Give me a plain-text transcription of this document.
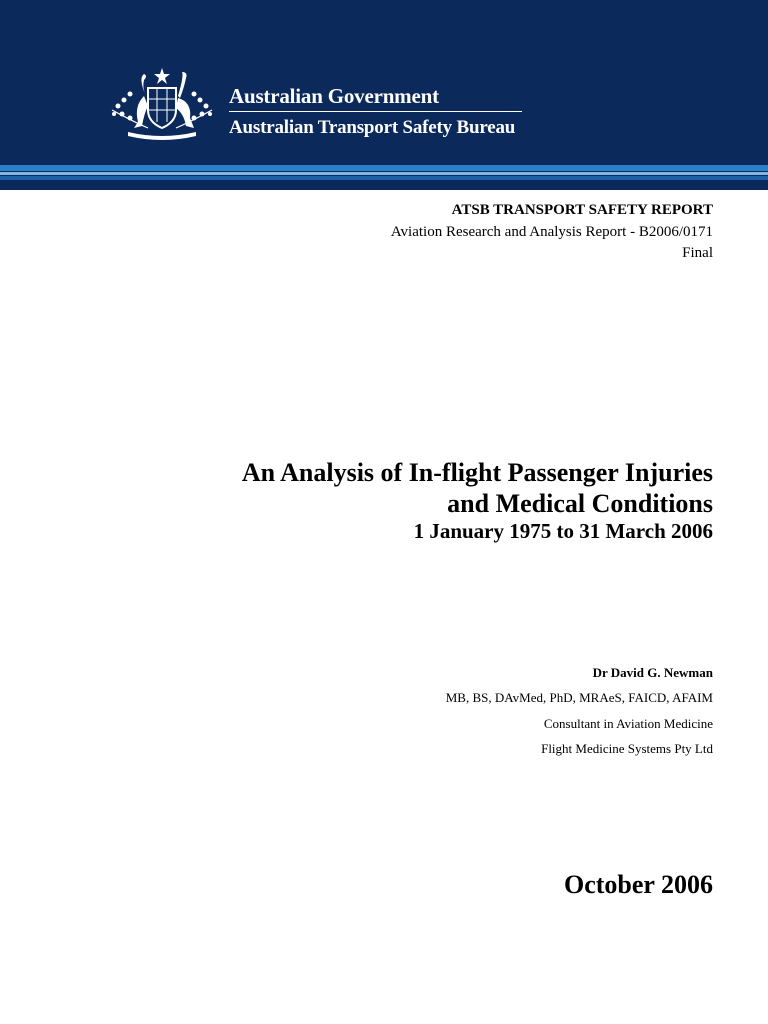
Australian Government
Australian Transport Safety Bureau
ATSB TRANSPORT SAFETY REPORT
Aviation Research and Analysis Report - B2006/0171
Final
An Analysis of In-flight Passenger Injuries
and Medical Conditions
1 January 1975 to 31 March 2006
Dr David G. Newman
MB, BS, DAvMed, PhD, MRAeS, FAICD, AFAIM
Consultant in Aviation Medicine
Flight Medicine Systems Pty Ltd
October 2006
